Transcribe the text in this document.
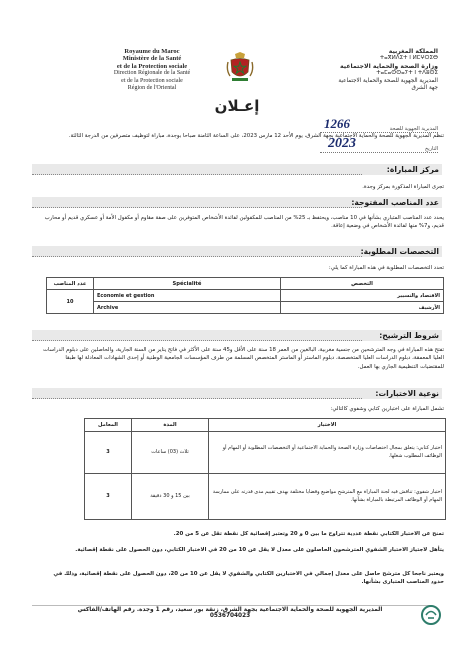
Royaume du Maroc
Ministère de la Santé
et de la Protection sociale
Direction Régionale de la Santé
et de la Protection sociale
Région de l'Oriental
المملكة المغربية
ⵜⴰⴳⵍⴷⵉⵜ ⵏ ⵍⵎⵖⵔⵉⴱ
وزارة الصحة والحماية الاجتماعية
ⵜⴰⵎⴰⵙⵙⴰⵢⵜ ⵏ ⵜⴷⵓⵙⵉ
المديرية الجهوية للصحة والحماية الاجتماعية
جهة الشرق
المديرية الجهوية للصحة
1266
التاريخ
2023
إعـلان
تنظم المديرية الجهوية للصحة والحماية الاجتماعية بجهة الشرق، يوم الأحد 12 مارس 2023، على الساعة الثامنة صباحا بوجدة، مباراة لتوظيف متصرفين من الدرجة الثالثة.
مركز المباراة:
تجرى المباراة المذكورة بمركز وجدة.
عدد المناصب المفتوحة:
يحدد عدد المناصب المتباري بشأنها في 10 مناصب، ويحتفظ بـ 25% من المناصب للمكفولين لفائدة الأشخاص المتوفرين على صفة مقاوم أو مكفول الأمة أو عسكري قديم أو محارب قديم، و7% منها لفائدة الأشخاص في وضعية إعاقة.
التخصصات المطلوبة:
تحدد التخصصات المطلوبة في هذه المباراة كما يلي:
عدد المناصب	Spécialité	التخصص
10	Economie et gestion	الاقتصاد والتسيير
	Archive	الأرشيف
شروط الترشيح:
تفتح هذه المباراة في وجه المترشحين من جنسية مغربية، البالغين من العمر 18 سنة على الأقل و45 سنة على الأكثر في فاتح يناير من السنة الجارية، والحاصلين على دبلوم الدراسات العليا المعمقة، دبلوم الدراسات العليا المتخصصة، دبلوم الماستر أو الماستر المتخصص المسلمة من طرف المؤسسات الجامعية الوطنية أو إحدى الشهادات المعادلة لها طبقا للمقتضيات التنظيمية الجاري بها العمل.
نوعية الاختبارات:
تشمل المباراة على اختبارين كتابي وشفوي كالتالي:
المعامل	المدة	الاختبار
3	ثلاث (03) ساعات	اختبار كتابي: يتعلق بمجال اختصاصات وزارة الصحة والحماية الاجتماعية أو التخصصات المطلوبة أو المهام أو الوظائف المطلوب شغلها.
3	بين 15 و 30 دقيقة	اختبار شفوي: تناقش فيه لجنة المباراة مع المترشح مواضيع وقضايا مختلفة بهدف تقييم مدى قدرته على ممارسة المهام أو الوظائف المرتبطة بالمباراة بشأنها.
تمنح عن الاختبار الكتابي نقطة عددية تتراوح ما بين 0 و 20 وتعتبر إقصائية كل نقطة تقل عن 5 من 20.
يتأهل لاجتياز الاختبار الشفوي المترشحون الحاصلون على معدل لا يقل عن 10 من 20 في الاختبار الكتابي، دون الحصول على نقطة إقصائية.
ويعتبر ناجحا كل مترشح حاصل على معدل إجمالي في الاختبارين الكتابي والشفوي لا يقل عن 10 من 20، دون الحصول على نقطة إقصائية، وذلك في حدود المناصب المتبارى بشأنها.
المديرية الجهوية للصحة والحماية الاجتماعية بجهة الشرق، زنقة بور سعيد، رقم 1 وجدة. رقم الهاتف/الفاكس 0536704023
